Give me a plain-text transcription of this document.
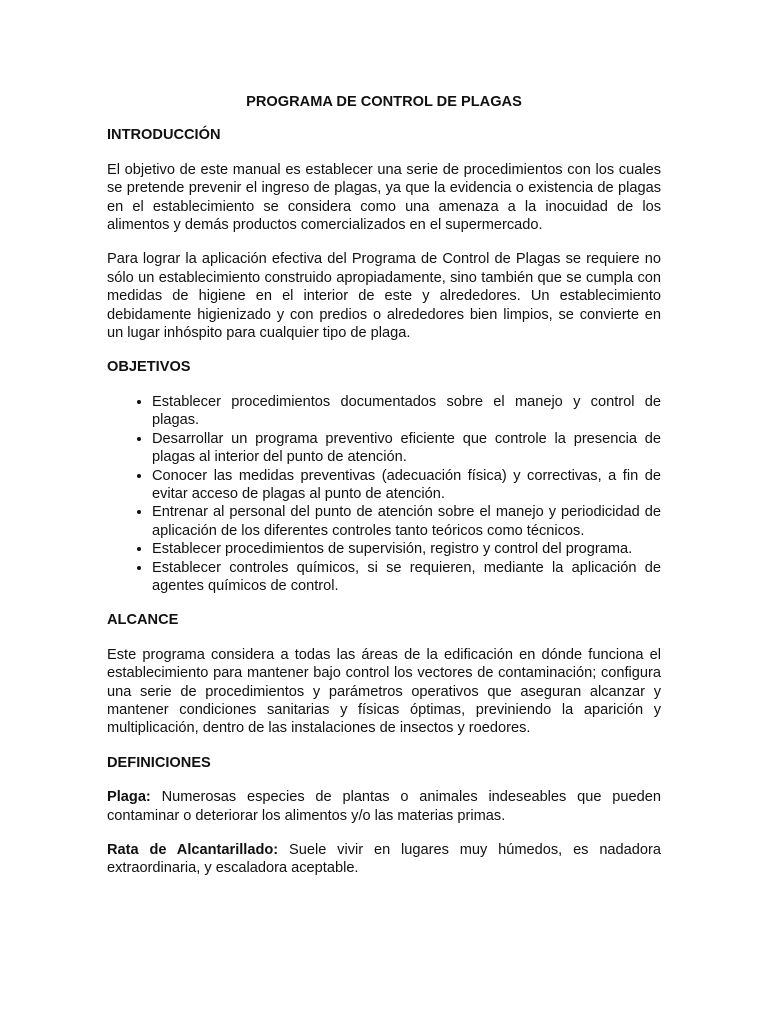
PROGRAMA DE CONTROL DE PLAGAS
INTRODUCCIÓN

El objetivo de este manual es establecer una serie de procedimientos con los cuales se pretende prevenir el ingreso de plagas, ya que la evidencia o existencia de plagas en el establecimiento se considera como una amenaza a la inocuidad de los alimentos y demás productos comercializados en el supermercado.

Para lograr la aplicación efectiva del Programa de Control de Plagas se requiere no sólo un establecimiento construido apropiadamente, sino también que se cumpla con medidas de higiene en el interior de este y alrededores. Un establecimiento debidamente higienizado y con predios o alrededores bien limpios, se convierte en un lugar inhóspito para cualquier tipo de plaga.

OBJETIVOS
• Establecer procedimientos documentados sobre el manejo y control de plagas.
• Desarrollar un programa preventivo eficiente que controle la presencia de plagas al interior del punto de atención.
• Conocer las medidas preventivas (adecuación física) y correctivas, a fin de evitar acceso de plagas al punto de atención.
• Entrenar al personal del punto de atención sobre el manejo y periodicidad de aplicación de los diferentes controles tanto teóricos como técnicos.
• Establecer procedimientos de supervisión, registro y control del programa.
• Establecer controles químicos, si se requieren, mediante la aplicación de agentes químicos de control.
ALCANCE

Este programa considera a todas las áreas de la edificación en dónde funciona el establecimiento para mantener bajo control los vectores de contaminación; configura una serie de procedimientos y parámetros operativos que aseguran alcanzar y mantener condiciones sanitarias y físicas óptimas, previniendo la aparición y multiplicación, dentro de las instalaciones de insectos y roedores.

DEFINICIONES

Plaga: Numerosas especies de plantas o animales indeseables que pueden contaminar o deteriorar los alimentos y/o las materias primas.

Rata de Alcantarillado: Suele vivir en lugares muy húmedos, es nadadora extraordinaria, y escaladora aceptable.
